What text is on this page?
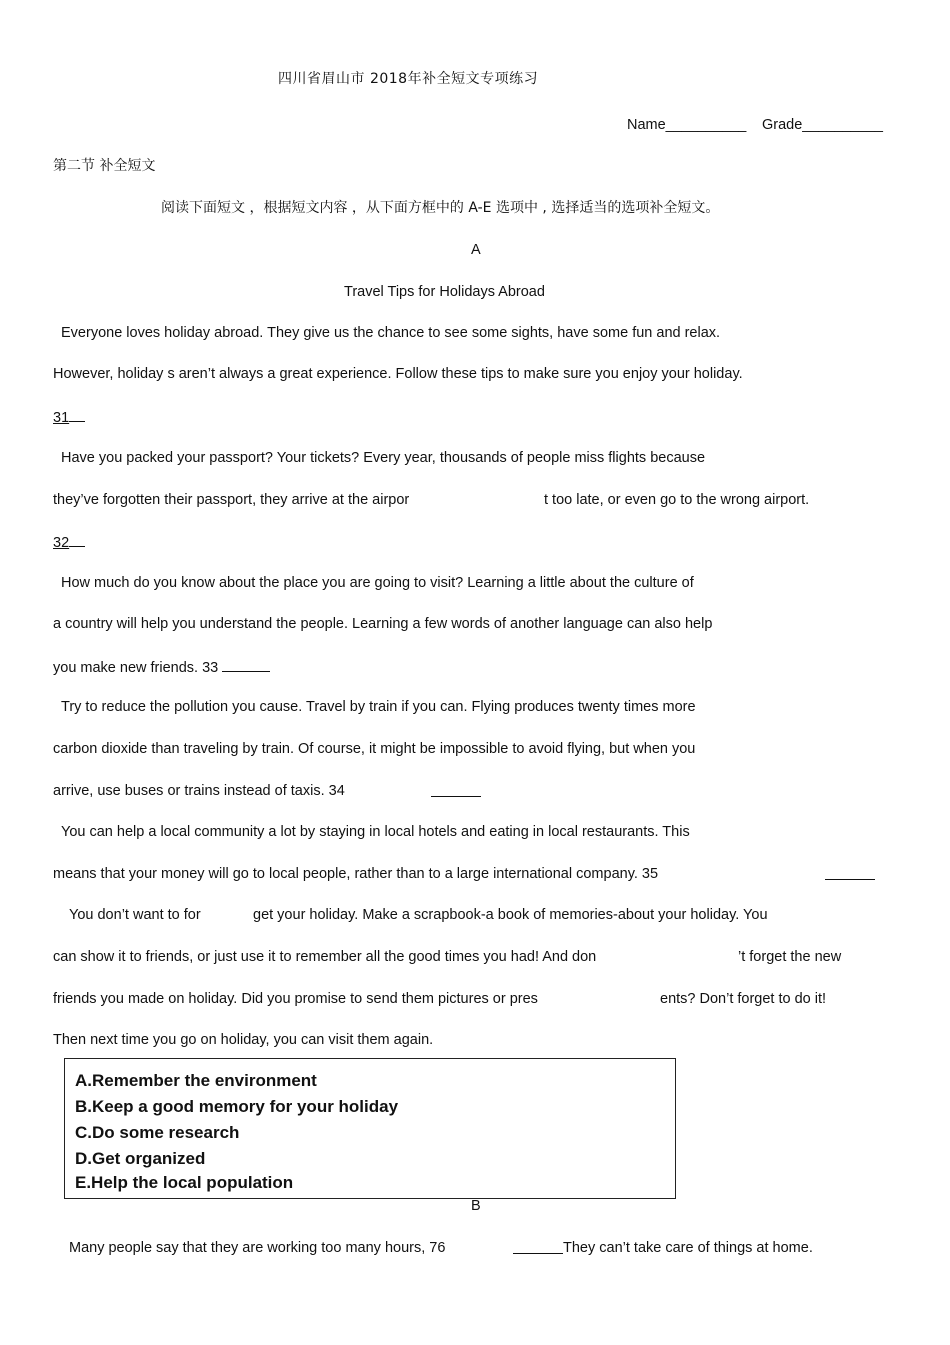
四川省眉山市 2018年补全短文专项练习
Name__________ Grade__________
第二节 补全短文
阅读下面短文 ，根据短文内容 ，从下面方框中的 A-E 选项中 , 选择适当的选项补全短文。
A
Travel Tips for Holidays Abroad
Everyone loves holiday abroad. They give us the chance to see some sights, have some fun and relax.
However, holiday s aren’t always a great experience. Follow these tips to make sure you enjoy your holiday.
31
Have you packed your passport? Your tickets? Every year, thousands of people miss flights because
they’ve forgotten their passport, they arrive at the airpor	t too late, or even go to the wrong airport.
32
How much do you know about the place you are going to visit? Learning a little about the culture of
a country will help you understand the people. Learning a few words of another language can also help
you make new friends. 33
Try to reduce the pollution you cause. Travel by train if you can. Flying produces twenty times more
carbon dioxide than traveling by train. Of course, it might be impossible to avoid flying, but when you
arrive, use buses or trains instead of taxis. 34
You can help a local community a lot by staying in local hotels and eating in local restaurants. This
means that your money will go to local people, rather than to a large international company. 35
You don’t want to for	get your holiday. Make a scrapbook-a book of memories-about your holiday. You
can show it to friends, or just use it to remember all the good times you had! And don	’t forget the new
friends you made on holiday. Did you promise to send them pictures or pres	ents? Don’t forget to do it!
Then next time you go on holiday, you can visit them again.
A.Remember the environment
B.Keep a good memory for your holiday
C.Do some research
D.Get organized
E.Help the local population
B
Many people say that they are working too many hours, 76	They can’t take care of things at home.
